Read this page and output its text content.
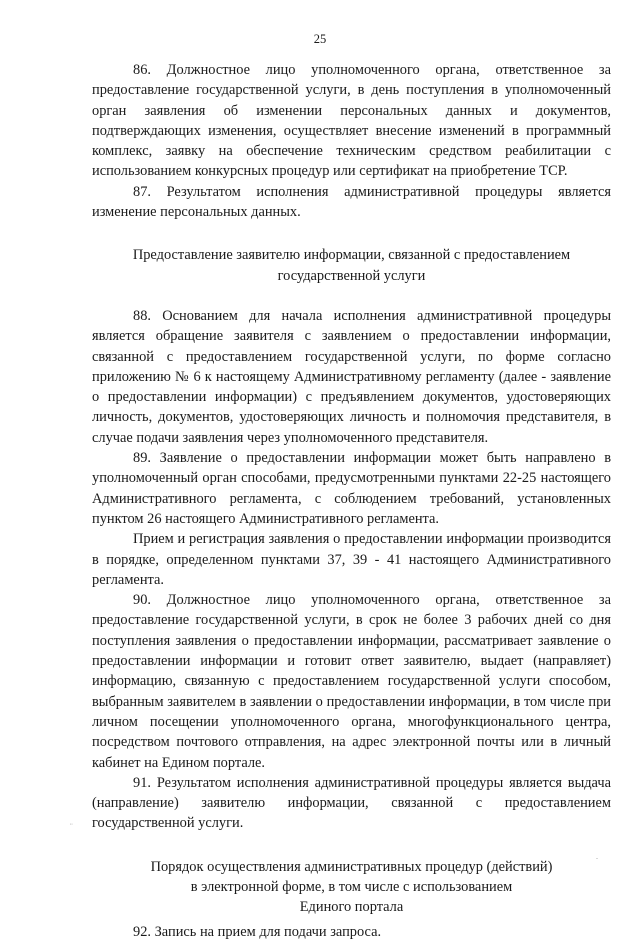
25

86. Должностное лицо уполномоченного органа, ответственное за предоставление государственной услуги, в день поступления в уполномоченный орган заявления об изменении персональных данных и документов, подтверждающих изменения, осуществляет внесение изменений в программный комплекс, заявку на обеспечение техническим средством реабилитации с использованием конкурсных процедур или сертификат на приобретение ТСР.

87. Результатом исполнения административной процедуры является изменение персональных данных.

Предоставление заявителю информации, связанной с предоставлением государственной услуги

88. Основанием для начала исполнения административной процедуры является обращение заявителя с заявлением о предоставлении информации, связанной с предоставлением государственной услуги, по форме согласно приложению № 6 к настоящему Административному регламенту (далее - заявление о предоставлении информации) с предъявлением документов, удостоверяющих личность, документов, удостоверяющих личность и полномочия представителя, в случае подачи заявления через уполномоченного представителя.

89. Заявление о предоставлении информации может быть направлено в уполномоченный орган способами, предусмотренными пунктами 22-25 настоящего Административного регламента, с соблюдением требований, установленных пунктом 26 настоящего Административного регламента.

Прием и регистрация заявления о предоставлении информации производится в порядке, определенном пунктами 37, 39 - 41 настоящего Административного регламента.

90. Должностное лицо уполномоченного органа, ответственное за предоставление государственной услуги, в срок не более 3 рабочих дней со дня поступления заявления о предоставлении информации, рассматривает заявление о предоставлении информации и готовит ответ заявителю, выдает (направляет) информацию, связанную с предоставлением государственной услуги способом, выбранным заявителем в заявлении о предоставлении информации, в том числе при личном посещении уполномоченного органа, многофункционального центра, посредством почтового отправления, на адрес электронной почты или в личный кабинет на Едином портале.

91. Результатом исполнения административной процедуры является выдача (направление) заявителю информации, связанной с предоставлением государственной услуги.

Порядок осуществления административных процедур (действий)

в электронной форме, в том числе с использованием

Единого портала

92. Запись на прием для подачи запроса.

¨
.
